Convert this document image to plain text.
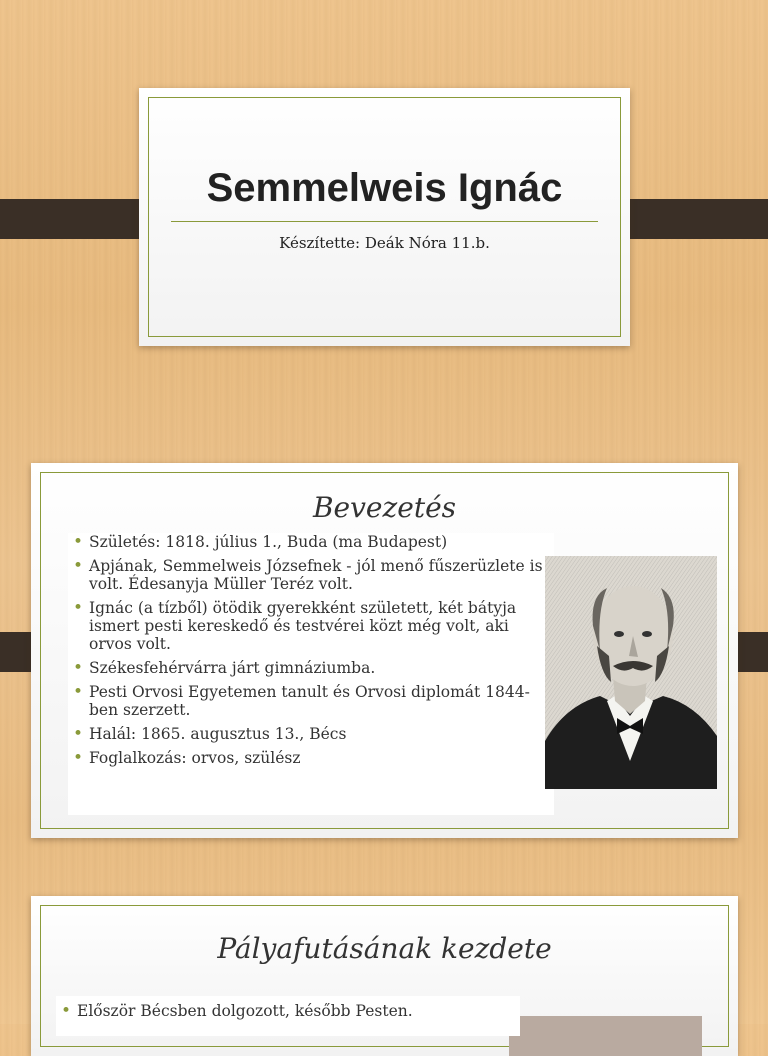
Semmelweis Ignác
Készítette: Deák Nóra 11.b.
Bevezetés
• Születés: 1818. július 1., Buda (ma Budapest)
• Apjának, Semmelweis Józsefnek - jól menő fűszerüzlete is volt. Édesanyja Müller Teréz volt.
• Ignác (a tízből) ötödik gyerekként született, két bátyja ismert pesti kereskedő és testvérei közt még volt, aki orvos volt.
• Székesfehérvárra járt gimnáziumba.
• Pesti Orvosi Egyetemen tanult és Orvosi diplomát 1844-ben szerzett.
• Halál: 1865. augusztus 13., Bécs
• Foglalkozás: orvos, szülész
Pályafutásának kezdete
• Először Bécsben dolgozott, később Pesten.
